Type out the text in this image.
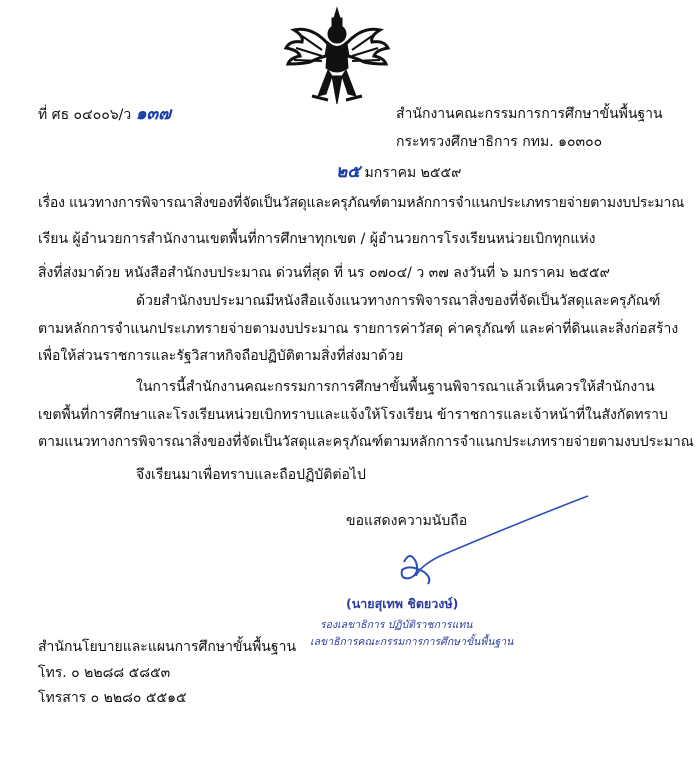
ที่ ศธ ๐๔๐๐๖/ว ๑๓๗	สำนักงานคณะกรรมการการศึกษาขั้นพื้นฐาน
กระทรวงศึกษาธิการ กทม. ๑๐๓๐๐
๒๕ มกราคม ๒๕๕๙
เรื่อง แนวทางการพิจารณาสิ่งของที่จัดเป็นวัสดุและครุภัณฑ์ตามหลักการจำแนกประเภทรายจ่ายตามงบประมาณ
เรียน ผู้อำนวยการสำนักงานเขตพื้นที่การศึกษาทุกเขต / ผู้อำนวยการโรงเรียนหน่วยเบิกทุกแห่ง
สิ่งที่ส่งมาด้วย หนังสือสำนักงบประมาณ ด่วนที่สุด ที่ นร ๐๗๐๔/ ว ๓๗ ลงวันที่ ๖ มกราคม ๒๕๕๙
ด้วยสำนักงบประมาณมีหนังสือแจ้งแนวทางการพิจารณาสิ่งของที่จัดเป็นวัสดุและครุภัณฑ์
ตามหลักการจำแนกประเภทรายจ่ายตามงบประมาณ รายการค่าวัสดุ ค่าครุภัณฑ์ และค่าที่ดินและสิ่งก่อสร้าง
เพื่อให้ส่วนราชการและรัฐวิสาหกิจถือปฏิบัติตามสิ่งที่ส่งมาด้วย
ในการนี้สำนักงานคณะกรรมการการศึกษาขั้นพื้นฐานพิจารณาแล้วเห็นควรให้สำนักงาน
เขตพื้นที่การศึกษาและโรงเรียนหน่วยเบิกทราบและแจ้งให้โรงเรียน ข้าราชการและเจ้าหน้าที่ในสังกัดทราบ
ตามแนวทางการพิจารณาสิ่งของที่จัดเป็นวัสดุและครุภัณฑ์ตามหลักการจำแนกประเภทรายจ่ายตามงบประมาณ
จึงเรียนมาเพื่อทราบและถือปฏิบัติต่อไป
ขอแสดงความนับถือ
(นายสุเทพ ชิตยวงษ์)
รองเลขาธิการ ปฏิบัติราชการแทน
เลขาธิการคณะกรรมการการศึกษาขั้นพื้นฐาน
สำนักนโยบายและแผนการศึกษาขั้นพื้นฐาน
โทร. ๐ ๒๒๘๘ ๕๘๕๓
โทรสาร ๐ ๒๒๘๐ ๕๕๑๕
